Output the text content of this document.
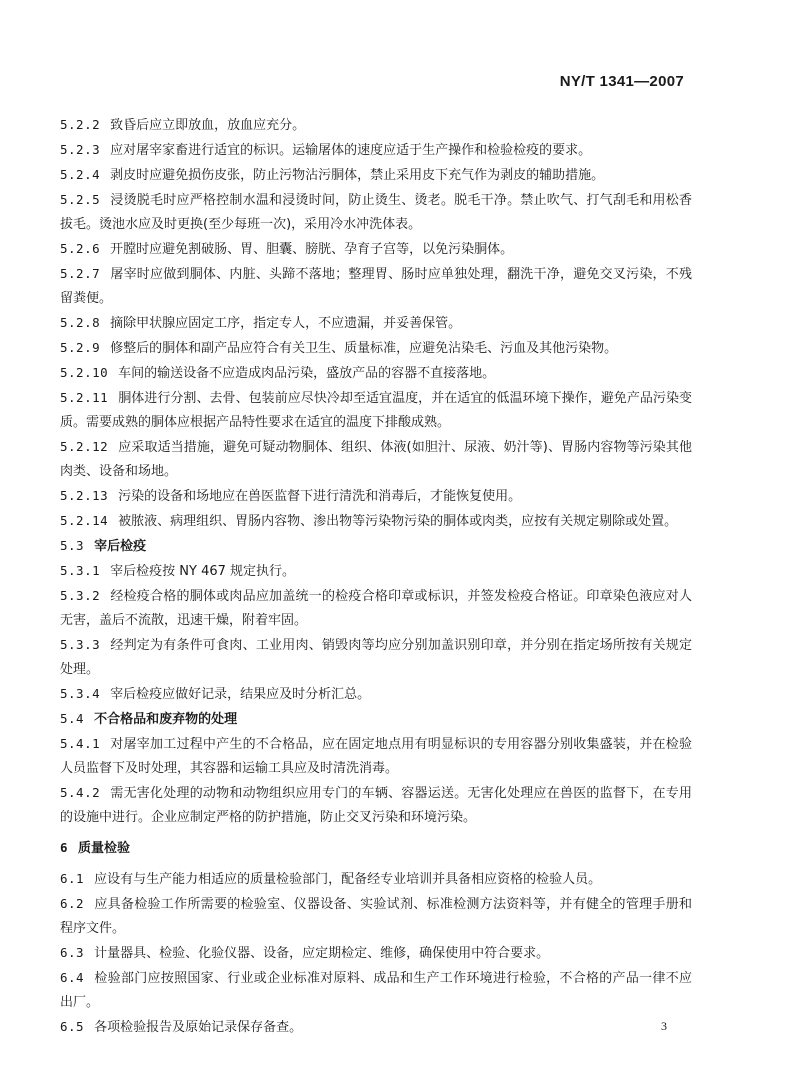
NY/T 1341—2007
5.2.2 致昏后应立即放血，放血应充分。
5.2.3 应对屠宰家畜进行适宜的标识。运输屠体的速度应适于生产操作和检验检疫的要求。
5.2.4 剥皮时应避免损伤皮张，防止污物沾污胴体，禁止采用皮下充气作为剥皮的辅助措施。
5.2.5 浸烫脱毛时应严格控制水温和浸烫时间，防止烫生、烫老。脱毛干净。禁止吹气、打气刮毛和用松香拔毛。烫池水应及时更换(至少每班一次)，采用冷水冲洗体表。
5.2.6 开膛时应避免割破肠、胃、胆囊、膀胱、孕育子宫等，以免污染胴体。
5.2.7 屠宰时应做到胴体、内脏、头蹄不落地；整理胃、肠时应单独处理，翻洗干净，避免交叉污染，不残留粪便。
5.2.8 摘除甲状腺应固定工序，指定专人，不应遗漏，并妥善保管。
5.2.9 修整后的胴体和副产品应符合有关卫生、质量标准，应避免沾染毛、污血及其他污染物。
5.2.10 车间的输送设备不应造成肉品污染，盛放产品的容器不直接落地。
5.2.11 胴体进行分割、去骨、包装前应尽快冷却至适宜温度，并在适宜的低温环境下操作，避免产品污染变质。需要成熟的胴体应根据产品特性要求在适宜的温度下排酸成熟。
5.2.12 应采取适当措施，避免可疑动物胴体、组织、体液(如胆汁、尿液、奶汁等)、胃肠内容物等污染其他肉类、设备和场地。
5.2.13 污染的设备和场地应在兽医监督下进行清洗和消毒后，才能恢复使用。
5.2.14 被脓液、病理组织、胃肠内容物、渗出物等污染物污染的胴体或肉类，应按有关规定剔除或处置。
5.3 宰后检疫
5.3.1 宰后检疫按 NY 467 规定执行。
5.3.2 经检疫合格的胴体或肉品应加盖统一的检疫合格印章或标识，并签发检疫合格证。印章染色液应对人无害，盖后不流散，迅速干燥，附着牢固。
5.3.3 经判定为有条件可食肉、工业用肉、销毁肉等均应分别加盖识别印章，并分别在指定场所按有关规定处理。
5.3.4 宰后检疫应做好记录，结果应及时分析汇总。
5.4 不合格品和废弃物的处理
5.4.1 对屠宰加工过程中产生的不合格品，应在固定地点用有明显标识的专用容器分别收集盛装，并在检验人员监督下及时处理，其容器和运输工具应及时清洗消毒。
5.4.2 需无害化处理的动物和动物组织应用专门的车辆、容器运送。无害化处理应在兽医的监督下，在专用的设施中进行。企业应制定严格的防护措施，防止交叉污染和环境污染。
6 质量检验
6.1 应设有与生产能力相适应的质量检验部门，配备经专业培训并具备相应资格的检验人员。
6.2 应具备检验工作所需要的检验室、仪器设备、实验试剂、标准检测方法资料等，并有健全的管理手册和程序文件。
6.3 计量器具、检验、化验仪器、设备，应定期检定、维修，确保使用中符合要求。
6.4 检验部门应按照国家、行业或企业标准对原料、成品和生产工作环境进行检验，不合格的产品一律不应出厂。
6.5 各项检验报告及原始记录保存备查。	3
